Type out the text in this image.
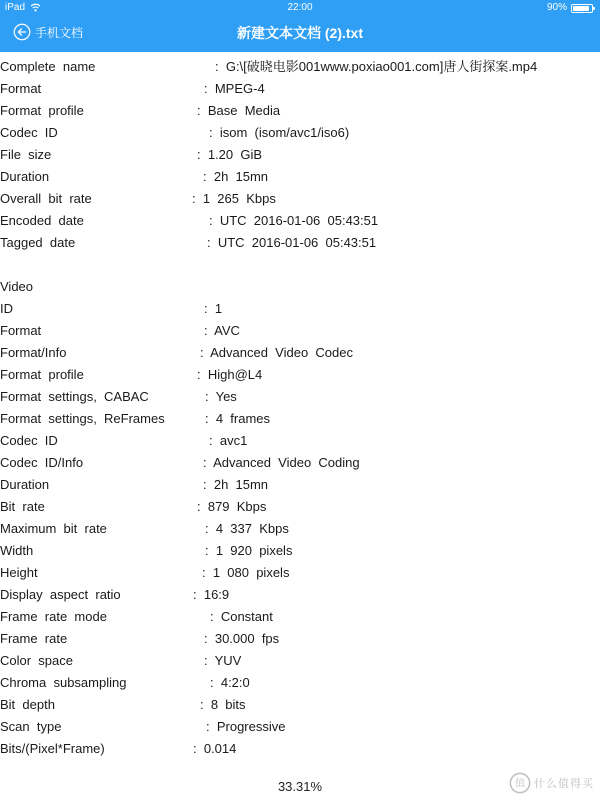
iPad	22:00	90%
手机文档	新建文本文档 (2).txt
Complete  name	:  G:\[破晓电影001www.poxiao001.com]唐人街探案.mp4
Format	:  MPEG-4
Format  profile	:  Base  Media
Codec  ID	:  isom  (isom/avc1/iso6)
File  size	:  1.20  GiB
Duration	:  2h  15mn
Overall  bit  rate	:  1  265  Kbps
Encoded  date	:  UTC  2016-01-06  05:43:51
Tagged  date	:  UTC  2016-01-06  05:43:51
Video
ID	:  1
Format	:  AVC
Format/Info	:  Advanced  Video  Codec
Format  profile	:  High@L4
Format  settings,  CABAC	:  Yes
Format  settings,  ReFrames	:  4  frames
Codec  ID	:  avc1
Codec  ID/Info	:  Advanced  Video  Coding
Duration	:  2h  15mn
Bit  rate	:  879  Kbps
Maximum  bit  rate	:  4  337  Kbps
Width	:  1  920  pixels
Height	:  1  080  pixels
Display  aspect  ratio	:  16:9
Frame  rate  mode	:  Constant
Frame  rate	:  30.000  fps
Color  space	:  YUV
Chroma  subsampling	:  4:2:0
Bit  depth	:  8  bits
Scan  type	:  Progressive
Bits/(Pixel*Frame)	:  0.014
33.31%	值 什么值得买
